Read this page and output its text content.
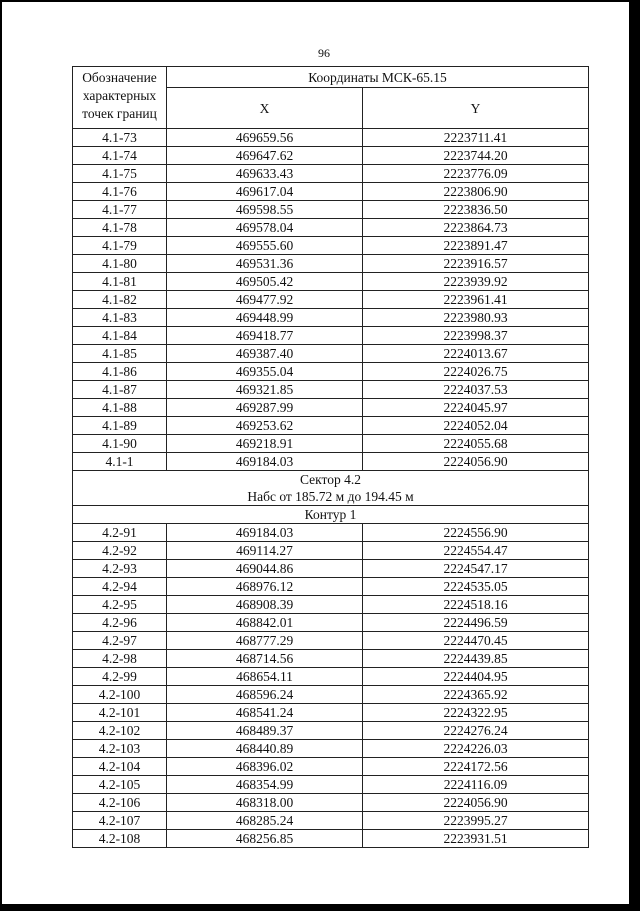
96
Обозначение
характерных
точек границ	Координаты МСК-65.15	
	X	Y
4.1-73	469659.56	2223711.41
4.1-74	469647.62	2223744.20
4.1-75	469633.43	2223776.09
4.1-76	469617.04	2223806.90
4.1-77	469598.55	2223836.50
4.1-78	469578.04	2223864.73
4.1-79	469555.60	2223891.47
4.1-80	469531.36	2223916.57
4.1-81	469505.42	2223939.92
4.1-82	469477.92	2223961.41
4.1-83	469448.99	2223980.93
4.1-84	469418.77	2223998.37
4.1-85	469387.40	2224013.67
4.1-86	469355.04	2224026.75
4.1-87	469321.85	2224037.53
4.1-88	469287.99	2224045.97
4.1-89	469253.62	2224052.04
4.1-90	469218.91	2224055.68
4.1-1	469184.03	2224056.90

Сектор 4.2
Набс от 185.72 м до 194.45 м		

Контур 1		
4.2-91	469184.03	2224556.90
4.2-92	469114.27	2224554.47
4.2-93	469044.86	2224547.17
4.2-94	468976.12	2224535.05
4.2-95	468908.39	2224518.16
4.2-96	468842.01	2224496.59
4.2-97	468777.29	2224470.45
4.2-98	468714.56	2224439.85
4.2-99	468654.11	2224404.95
4.2-100	468596.24	2224365.92
4.2-101	468541.24	2224322.95
4.2-102	468489.37	2224276.24
4.2-103	468440.89	2224226.03
4.2-104	468396.02	2224172.56
4.2-105	468354.99	2224116.09
4.2-106	468318.00	2224056.90
4.2-107	468285.24	2223995.27
4.2-108	468256.85	2223931.51
